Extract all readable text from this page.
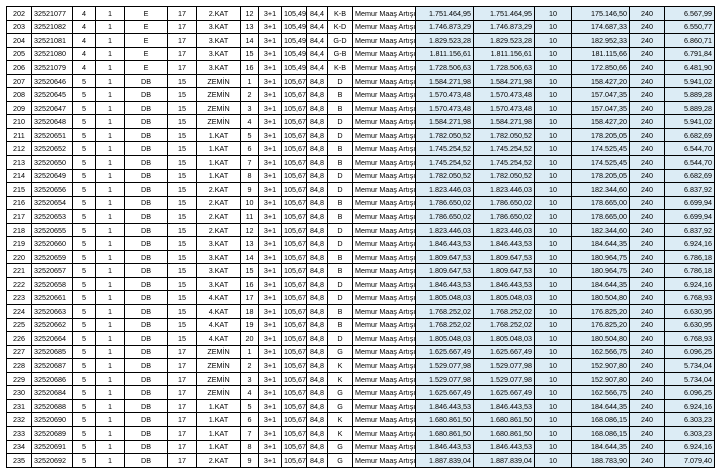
202	32521077	4	1	E	17	2.KAT	12	3+1	105,49	84,4	K-B	Memur Maaş Artışı	1.751.464,95	1.751.464,95	10	175.146,50	240	6.567,99
203	32521082	4	1	E	17	3.KAT	13	3+1	105,49	84,4	K-D	Memur Maaş Artışı	1.746.873,29	1.746.873,29	10	174.687,33	240	6.550,77
204	32521081	4	1	E	17	3.KAT	14	3+1	105,49	84,4	G-D	Memur Maaş Artışı	1.829.523,28	1.829.523,28	10	182.952,33	240	6.860,71
205	32521080	4	1	E	17	3.KAT	15	3+1	105,49	84,4	G-B	Memur Maaş Artışı	1.811.156,61	1.811.156,61	10	181.115,66	240	6.791,84
206	32521079	4	1	E	17	3.KAT	16	3+1	105,49	84,4	K-B	Memur Maaş Artışı	1.728.506,63	1.728.506,63	10	172.850,66	240	6.481,90
207	32520646	5	1	DB	15	ZEMİN	1	3+1	105,67	84,8	D	Memur Maaş Artışı	1.584.271,98	1.584.271,98	10	158.427,20	240	5.941,02
208	32520645	5	1	DB	15	ZEMİN	2	3+1	105,67	84,8	B	Memur Maaş Artışı	1.570.473,48	1.570.473,48	10	157.047,35	240	5.889,28
209	32520647	5	1	DB	15	ZEMİN	3	3+1	105,67	84,8	B	Memur Maaş Artışı	1.570.473,48	1.570.473,48	10	157.047,35	240	5.889,28
210	32520648	5	1	DB	15	ZEMİN	4	3+1	105,67	84,8	D	Memur Maaş Artışı	1.584.271,98	1.584.271,98	10	158.427,20	240	5.941,02
211	32520651	5	1	DB	15	1.KAT	5	3+1	105,67	84,8	D	Memur Maaş Artışı	1.782.050,52	1.782.050,52	10	178.205,05	240	6.682,69
212	32520652	5	1	DB	15	1.KAT	6	3+1	105,67	84,8	B	Memur Maaş Artışı	1.745.254,52	1.745.254,52	10	174.525,45	240	6.544,70
213	32520650	5	1	DB	15	1.KAT	7	3+1	105,67	84,8	B	Memur Maaş Artışı	1.745.254,52	1.745.254,52	10	174.525,45	240	6.544,70
214	32520649	5	1	DB	15	1.KAT	8	3+1	105,67	84,8	D	Memur Maaş Artışı	1.782.050,52	1.782.050,52	10	178.205,05	240	6.682,69
215	32520656	5	1	DB	15	2.KAT	9	3+1	105,67	84,8	D	Memur Maaş Artışı	1.823.446,03	1.823.446,03	10	182.344,60	240	6.837,92
216	32520654	5	1	DB	15	2.KAT	10	3+1	105,67	84,8	B	Memur Maaş Artışı	1.786.650,02	1.786.650,02	10	178.665,00	240	6.699,94
217	32520653	5	1	DB	15	2.KAT	11	3+1	105,67	84,8	B	Memur Maaş Artışı	1.786.650,02	1.786.650,02	10	178.665,00	240	6.699,94
218	32520655	5	1	DB	15	2.KAT	12	3+1	105,67	84,8	D	Memur Maaş Artışı	1.823.446,03	1.823.446,03	10	182.344,60	240	6.837,92
219	32520660	5	1	DB	15	3.KAT	13	3+1	105,67	84,8	D	Memur Maaş Artışı	1.846.443,53	1.846.443,53	10	184.644,35	240	6.924,16
220	32520659	5	1	DB	15	3.KAT	14	3+1	105,67	84,8	B	Memur Maaş Artışı	1.809.647,53	1.809.647,53	10	180.964,75	240	6.786,18
221	32520657	5	1	DB	15	3.KAT	15	3+1	105,67	84,8	B	Memur Maaş Artışı	1.809.647,53	1.809.647,53	10	180.964,75	240	6.786,18
222	32520658	5	1	DB	15	3.KAT	16	3+1	105,67	84,8	D	Memur Maaş Artışı	1.846.443,53	1.846.443,53	10	184.644,35	240	6.924,16
223	32520661	5	1	DB	15	4.KAT	17	3+1	105,67	84,8	D	Memur Maaş Artışı	1.805.048,03	1.805.048,03	10	180.504,80	240	6.768,93
224	32520663	5	1	DB	15	4.KAT	18	3+1	105,67	84,8	B	Memur Maaş Artışı	1.768.252,02	1.768.252,02	10	176.825,20	240	6.630,95
225	32520662	5	1	DB	15	4.KAT	19	3+1	105,67	84,8	B	Memur Maaş Artışı	1.768.252,02	1.768.252,02	10	176.825,20	240	6.630,95
226	32520664	5	1	DB	15	4.KAT	20	3+1	105,67	84,8	D	Memur Maaş Artışı	1.805.048,03	1.805.048,03	10	180.504,80	240	6.768,93
227	32520685	5	1	DB	17	ZEMİN	1	3+1	105,67	84,8	G	Memur Maaş Artışı	1.625.667,49	1.625.667,49	10	162.566,75	240	6.096,25
228	32520687	5	1	DB	17	ZEMİN	2	3+1	105,67	84,8	K	Memur Maaş Artışı	1.529.077,98	1.529.077,98	10	152.907,80	240	5.734,04
229	32520686	5	1	DB	17	ZEMİN	3	3+1	105,67	84,8	K	Memur Maaş Artışı	1.529.077,98	1.529.077,98	10	152.907,80	240	5.734,04
230	32520684	5	1	DB	17	ZEMİN	4	3+1	105,67	84,8	G	Memur Maaş Artışı	1.625.667,49	1.625.667,49	10	162.566,75	240	6.096,25
231	32520688	5	1	DB	17	1.KAT	5	3+1	105,67	84,8	G	Memur Maaş Artışı	1.846.443,53	1.846.443,53	10	184.644,35	240	6.924,16
232	32520690	5	1	DB	17	1.KAT	6	3+1	105,67	84,8	K	Memur Maaş Artışı	1.680.861,50	1.680.861,50	10	168.086,15	240	6.303,23
233	32520689	5	1	DB	17	1.KAT	7	3+1	105,67	84,8	K	Memur Maaş Artışı	1.680.861,50	1.680.861,50	10	168.086,15	240	6.303,23
234	32520691	5	1	DB	17	1.KAT	8	3+1	105,67	84,8	G	Memur Maaş Artışı	1.846.443,53	1.846.443,53	10	184.644,35	240	6.924,16
235	32520692	5	1	DB	17	2.KAT	9	3+1	105,67	84,8	G	Memur Maaş Artışı	1.887.839,04	1.887.839,04	10	188.783,90	240	7.079,40
